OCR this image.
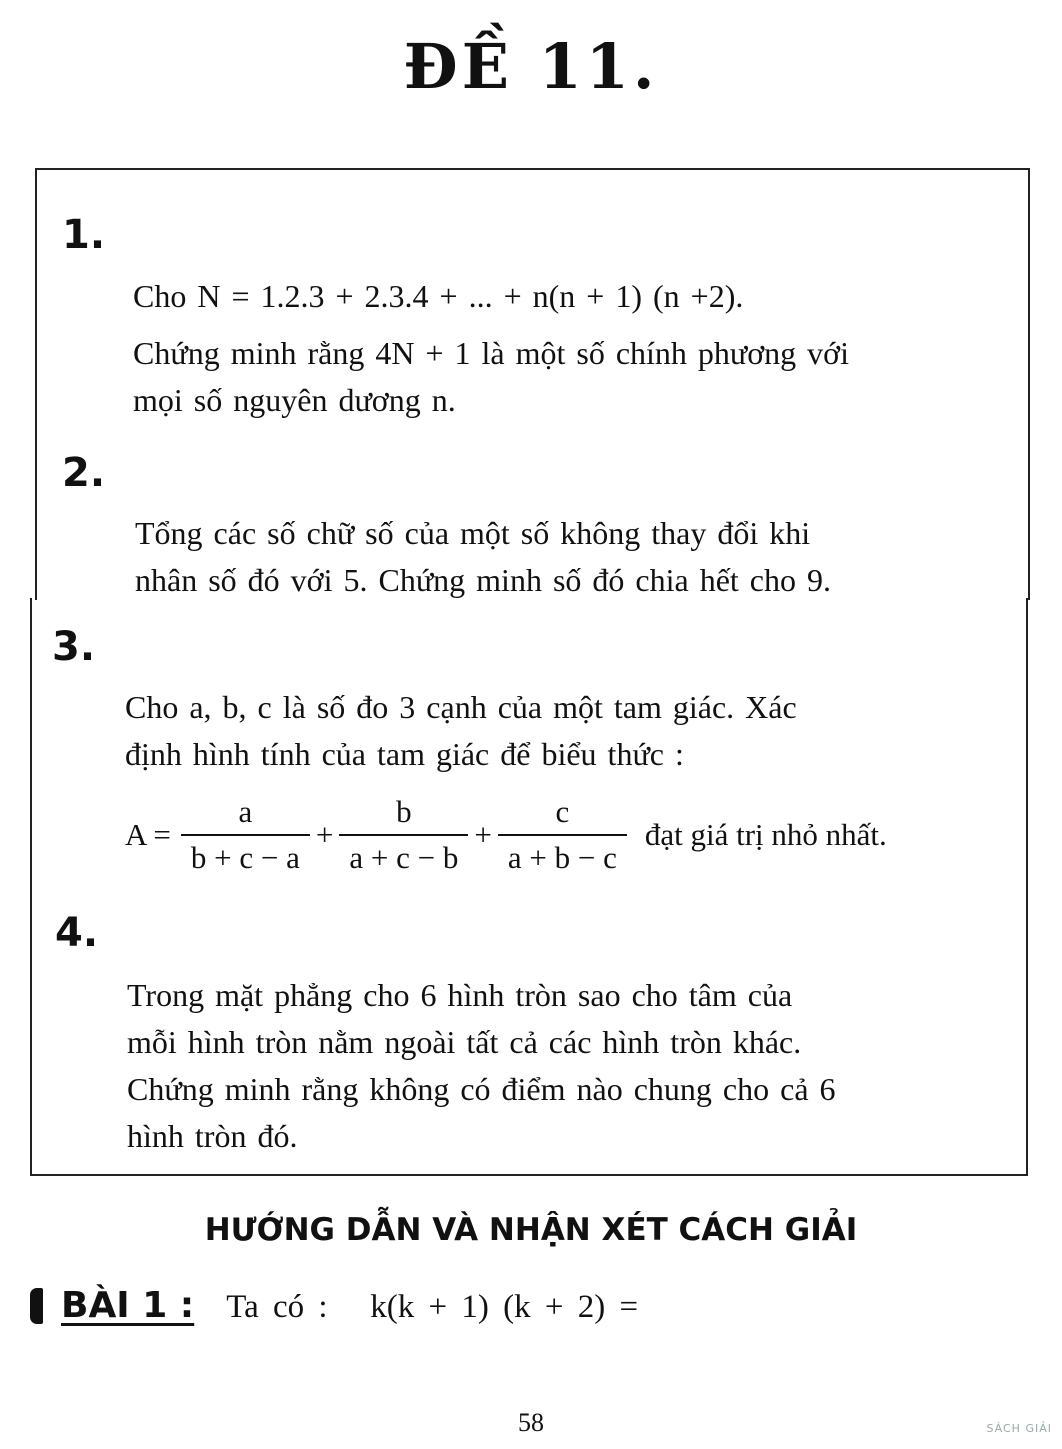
ĐỀ 11.
1.
Cho N = 1.2.3 + 2.3.4 + ... + n(n + 1) (n +2).
Chứng minh rằng 4N + 1 là một số chính phương với
mọi số nguyên dương n.
2.
Tổng các số chữ số của một số không thay đổi khi
nhân số đó với 5. Chứng minh số đó chia hết cho 9.
3.
Cho a, b, c là số đo 3 cạnh của một tam giác. Xác
định hình tính của tam giác để biểu thức :
$A = \frac{a}{b + c - a} + \frac{b}{a + c - b} + \frac{c}{a + b - c}$ đạt giá trị nhỏ nhất.
4.
Trong mặt phẳng cho 6 hình tròn sao cho tâm của
mỗi hình tròn nằm ngoài tất cả các hình tròn khác.
Chứng minh rằng không có điểm nào chung cho cả 6
hình tròn đó.
HƯỚNG DẪN VÀ NHẬN XÉT CÁCH GIẢI
BÀI 1 : Ta có :   k(k + 1) (k + 2) =
58	SÁCH GIẢI
